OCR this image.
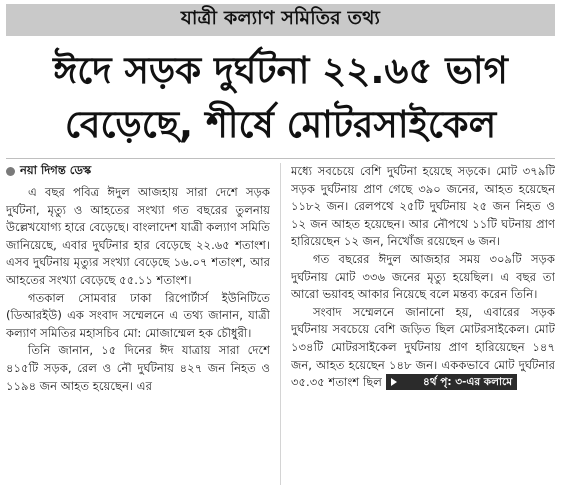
যাত্রী কল্যাণ সমিতির তথ্য
ঈদে সড়ক দুর্ঘটনা ২২.৬৫ ভাগ
বেড়েছে, শীর্ষে মোটরসাইকেল
নয়া দিগন্ত ডেস্ক

এ বছর পবিত্র ঈদুল আজহায় সারা দেশে সড়ক দুর্ঘটনা, মৃত্যু ও আহতের সংখ্যা গত বছরের তুলনায় উল্লেখযোগ্য হারে বেড়েছে। বাংলাদেশ যাত্রী কল্যাণ সমিতি জানিয়েছে, এবার দুর্ঘটনার হার বেড়েছে ২২.৬৫ শতাংশ। এসব দুর্ঘটনায় মৃত্যুর সংখ্যা বেড়েছে ১৬.০৭ শতাংশ, আর আহতের সংখ্যা বেড়েছে ৫৫.১১ শতাংশ।

গতকাল সোমবার ঢাকা রিপোর্টার্স ইউনিটিতে (ডিআরইউ) এক সংবাদ সম্মেলনে এ তথ্য জানান, যাত্রী কল্যাণ সমিতির মহাসচিব মো: মোজাম্মেল হক চৌধুরী।

তিনি জানান, ১৫ দিনের ঈদ যাত্রায় সারা দেশে ৪১৫টি সড়ক, রেল ও নৌ দুর্ঘটনায় ৪২৭ জন নিহত ও ১১৯৪ জন আহত হয়েছেন। এর

মধ্যে সবচেয়ে বেশি দুর্ঘটনা হয়েছে সড়কে। মোট ৩৭৯টি সড়ক দুর্ঘটনায় প্রাণ গেছে ৩৯০ জনের, আহত হয়েছেন ১১৮২ জন। রেলপথে ২৫টি দুর্ঘটনায় ২৫ জন নিহত ও ১২ জন আহত হয়েছেন। আর নৌপথে ১১টি ঘটনায় প্রাণ হারিয়েছেন ১২ জন, নিখোঁজ রয়েছেন ৬ জন।

গত বছরের ঈদুল আজহার সময় ৩০৯টি সড়ক দুর্ঘটনায় মোট ৩৩৬ জনের মৃত্যু হয়েছিল। এ বছর তা আরো ভয়াবহ আকার নিয়েছে বলে মন্তব্য করেন তিনি।

সংবাদ সম্মেলনে জানানো হয়, এবারের সড়ক দুর্ঘটনায় সবচেয়ে বেশি জড়িত ছিল মোটরসাইকেল। মোট ১৩৪টি মোটরসাইকেল দুর্ঘটনায় প্রাণ হারিয়েছেন ১৪৭ জন, আহত হয়েছেন ১৪৮ জন। এককভাবে মোট দুর্ঘটনার ৩৫.৩৫ শতাংশ ছিল	৪র্থ পৃ: ৩-এর কলামে
